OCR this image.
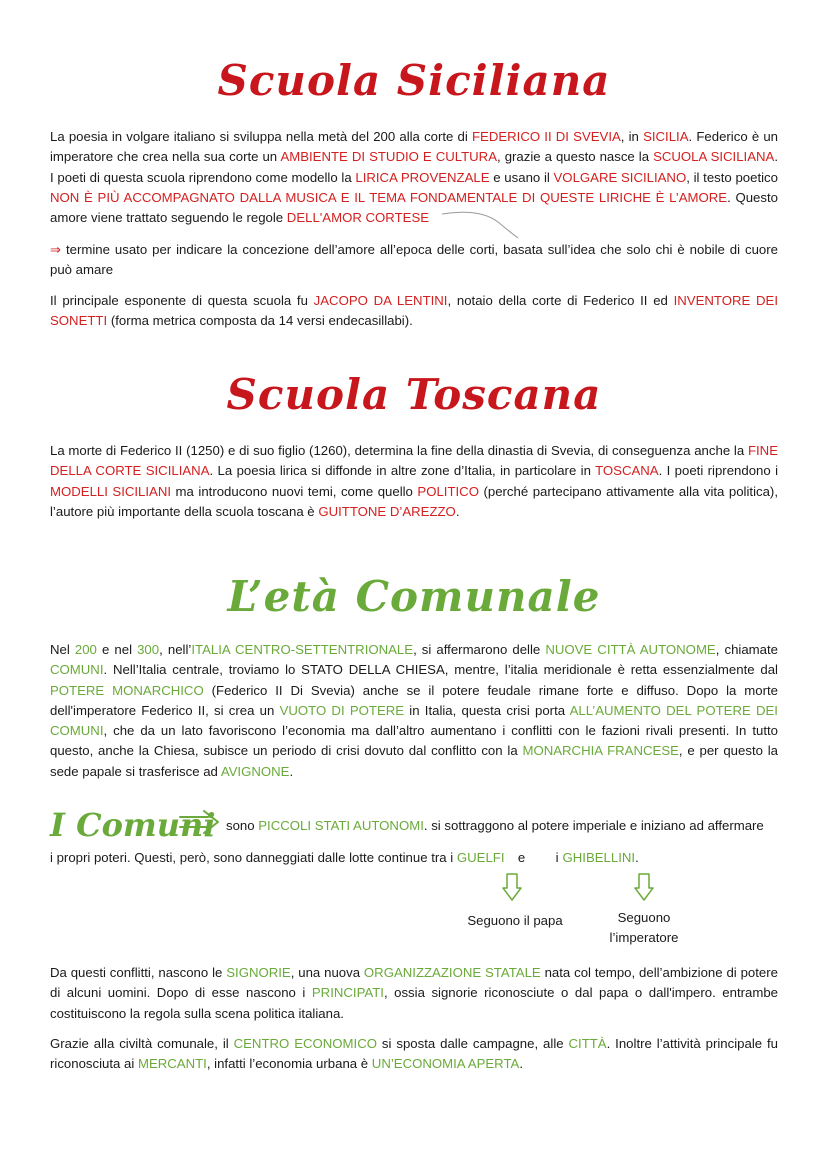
Scuola Siciliana
La poesia in volgare italiano si sviluppa nella metà del 200 alla corte di FEDERICO II DI SVEVIA, in SICILIA. Federico è un imperatore che crea nella sua corte un AMBIENTE DI STUDIO E CULTURA, grazie a questo nasce la SCUOLA SICILIANA. I poeti di questa scuola riprendono come modello la LIRICA PROVENZALE e usano il VOLGARE SICILIANO, il testo poetico NON È PIÙ ACCOMPAGNATO DALLA MUSICA E IL TEMA FONDAMENTALE DI QUESTE LIRICHE È L’AMORE. Questo amore viene trattato seguendo le regole DELL'AMOR CORTESE
⇒ termine usato per indicare la concezione dell’amore all’epoca delle corti, basata sull’idea che solo chi è nobile di cuore può amare
Il principale esponente di questa scuola fu JACOPO DA LENTINI, notaio della corte di Federico II ed INVENTORE DEI SONETTI (forma metrica composta da 14 versi endecasillabi).
Scuola Toscana
La morte di Federico II (1250) e di suo figlio (1260), determina la fine della dinastia di Svevia, di conseguenza anche la FINE DELLA CORTE SICILIANA. La poesia lirica si diffonde in altre zone d’Italia, in particolare in TOSCANA. I poeti riprendono i MODELLI SICILIANI ma introducono nuovi temi, come quello POLITICO (perché partecipano attivamente alla vita politica), l’autore più importante della scuola toscana è GUITTONE D’AREZZO.
L’età Comunale
Nel 200 e nel 300, nell’ITALIA CENTRO-SETTENTRIONALE, si affermarono delle NUOVE CITTÀ AUTONOME, chiamate COMUNI. Nell’Italia centrale, troviamo lo STATO DELLA CHIESA, mentre, l’italia meridionale è retta essenzialmente dal POTERE MONARCHICO (Federico II Di Svevia) anche se il potere feudale rimane forte e diffuso. Dopo la morte dell'imperatore Federico II, si crea un VUOTO DI POTERE in Italia, questa crisi porta ALL’AUMENTO DEL POTERE DEI COMUNI, che da un lato favoriscono l’economia ma dall’altro aumentano i conflitti con le fazioni rivali presenti. In tutto questo, anche la Chiesa, subisce un periodo di crisi dovuto dal conflitto con la MONARCHIA FRANCESE, e per questo la sede papale si trasferisce ad AVIGNONE.
I Comuni sono PICCOLI STATI AUTONOMI. si sottraggono al potere imperiale e iniziano ad affermare
i propri poteri. Questi, però, sono danneggiati dalle lotte continue tra i GUELFI e i GHIBELLINI.
Seguono il papa	Seguono
l’imperatore
Da questi conflitti, nascono le SIGNORIE, una nuova ORGANIZZAZIONE STATALE nata col tempo, dell’ambizione di potere di alcuni uomini. Dopo di esse nascono i PRINCIPATI, ossia signorie riconosciute o dal papa o dall'impero. entrambe costituiscono la regola sulla scena politica italiana.
Grazie alla civiltà comunale, il CENTRO ECONOMICO si sposta dalle campagne, alle CITTÀ. Inoltre l’attività principale fu riconosciuta ai MERCANTI, infatti l’economia urbana è UN’ECONOMIA APERTA.
